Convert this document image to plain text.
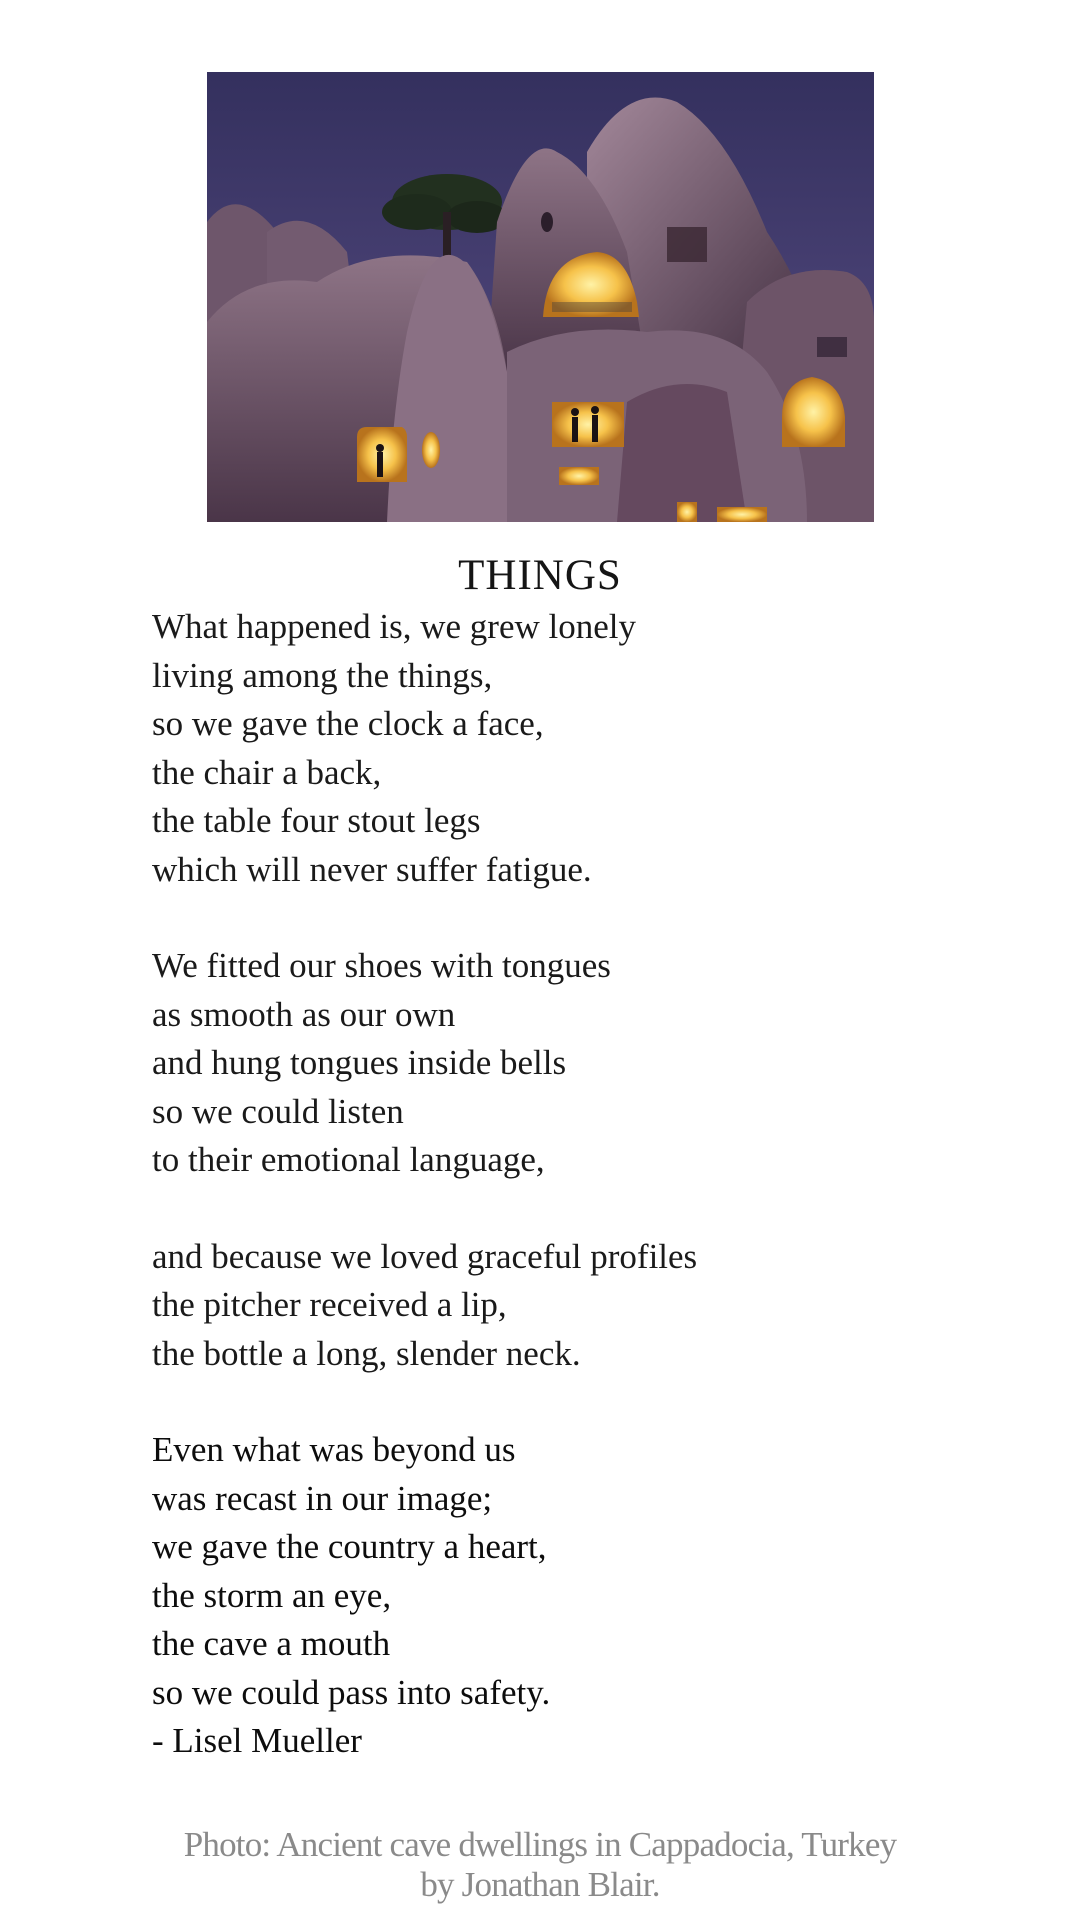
THINGS
What happened is, we grew lonely
living among the things,
so we gave the clock a face,
the chair a back,
the table four stout legs
which will never suffer fatigue.
We fitted our shoes with tongues
as smooth as our own
and hung tongues inside bells
so we could listen
to their emotional language,
and because we loved graceful profiles
the pitcher received a lip,
the bottle a long, slender neck.
Even what was beyond us
was recast in our image;
we gave the country a heart,
the storm an eye,
the cave a mouth
so we could pass into safety.
- Lisel Mueller
Photo: Ancient cave dwellings in Cappadocia, Turkey
by Jonathan Blair.
